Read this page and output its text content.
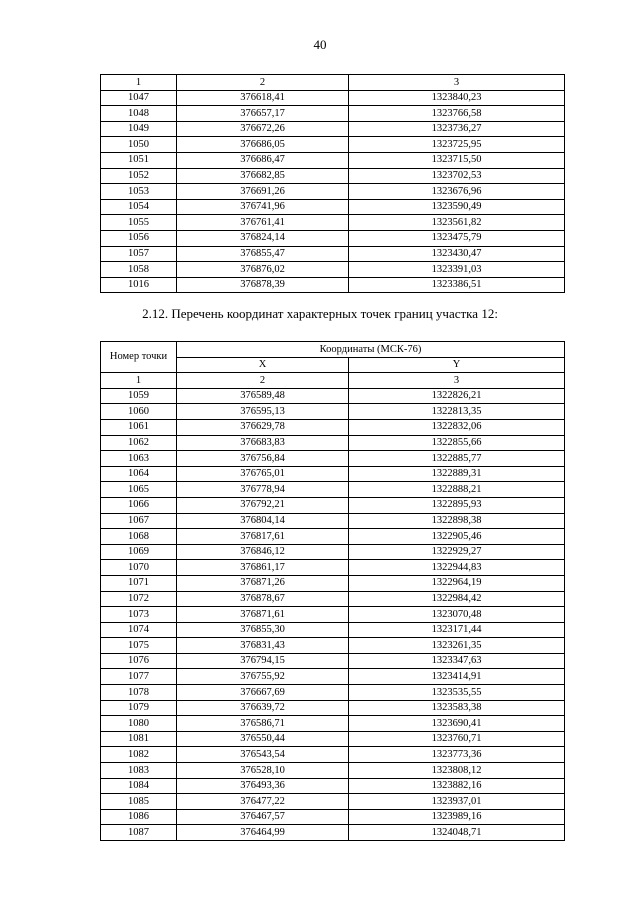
40
1	2	3
1047	376618,41	1323840,23
1048	376657,17	1323766,58
1049	376672,26	1323736,27
1050	376686,05	1323725,95
1051	376686,47	1323715,50
1052	376682,85	1323702,53
1053	376691,26	1323676,96
1054	376741,96	1323590,49
1055	376761,41	1323561,82
1056	376824,14	1323475,79
1057	376855,47	1323430,47
1058	376876,02	1323391,03
1016	376878,39	1323386,51
2.12. Перечень координат характерных точек границ участка 12:
Номер точки	Координаты (МСК-76)	
	X	Y
1	2	3
1059	376589,48	1322826,21
1060	376595,13	1322813,35
1061	376629,78	1322832,06
1062	376683,83	1322855,66
1063	376756,84	1322885,77
1064	376765,01	1322889,31
1065	376778,94	1322888,21
1066	376792,21	1322895,93
1067	376804,14	1322898,38
1068	376817,61	1322905,46
1069	376846,12	1322929,27
1070	376861,17	1322944,83
1071	376871,26	1322964,19
1072	376878,67	1322984,42
1073	376871,61	1323070,48
1074	376855,30	1323171,44
1075	376831,43	1323261,35
1076	376794,15	1323347,63
1077	376755,92	1323414,91
1078	376667,69	1323535,55
1079	376639,72	1323583,38
1080	376586,71	1323690,41
1081	376550,44	1323760,71
1082	376543,54	1323773,36
1083	376528,10	1323808,12
1084	376493,36	1323882,16
1085	376477,22	1323937,01
1086	376467,57	1323989,16
1087	376464,99	1324048,71
